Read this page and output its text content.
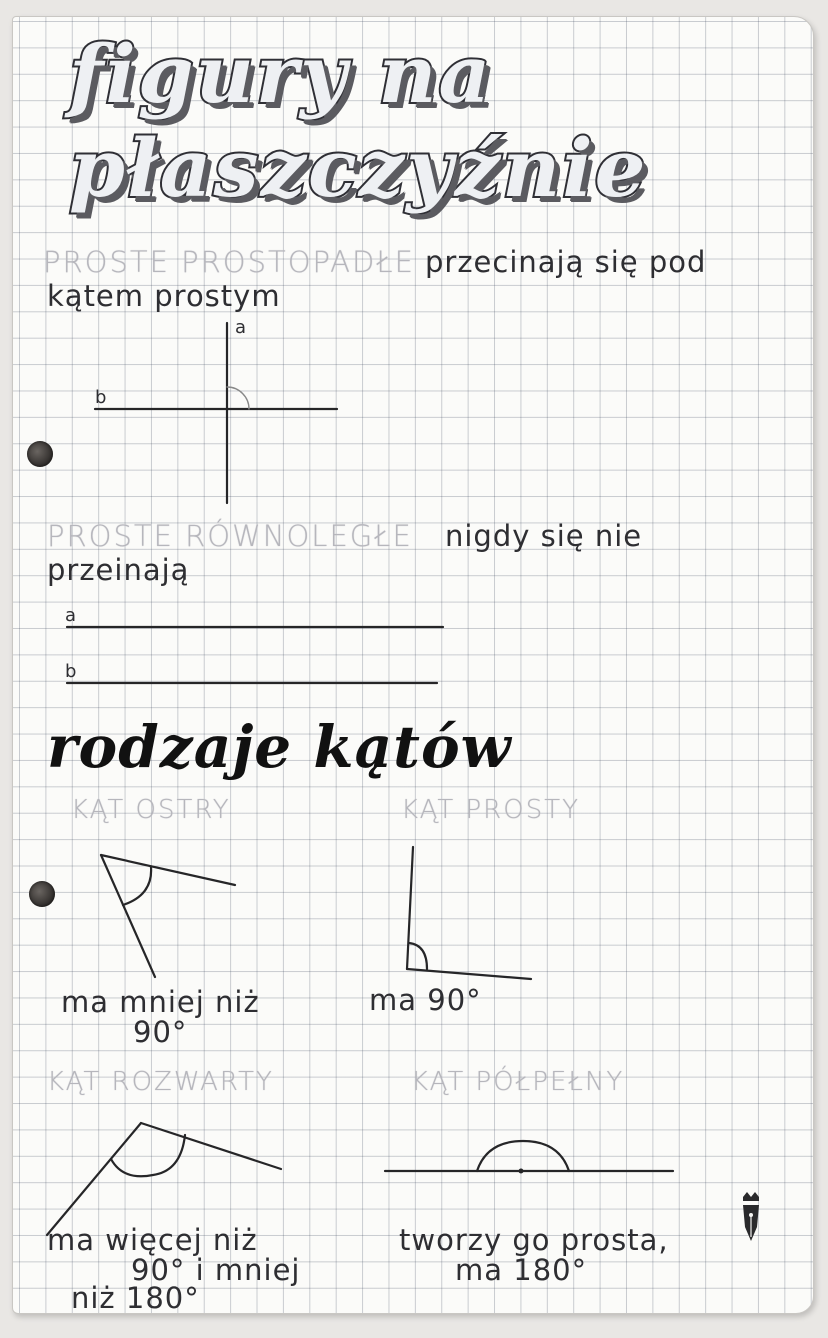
figury na
płaszczyźnie
PROSTE PROSTOPADŁE przecinają się pod
kątem prostym
a
b
PROSTE RÓWNOLEGŁE nigdy się nie
przeinają
a
b
rodzaje kątów
KĄT OSTRY	KĄT PROSTY
ma mniej niż
90°
ma 90°
KĄT ROZWARTY	KĄT PÓŁPEŁNY
ma więcej niż
90° i mniej
niż 180°
tworzy go prosta,
ma 180°
